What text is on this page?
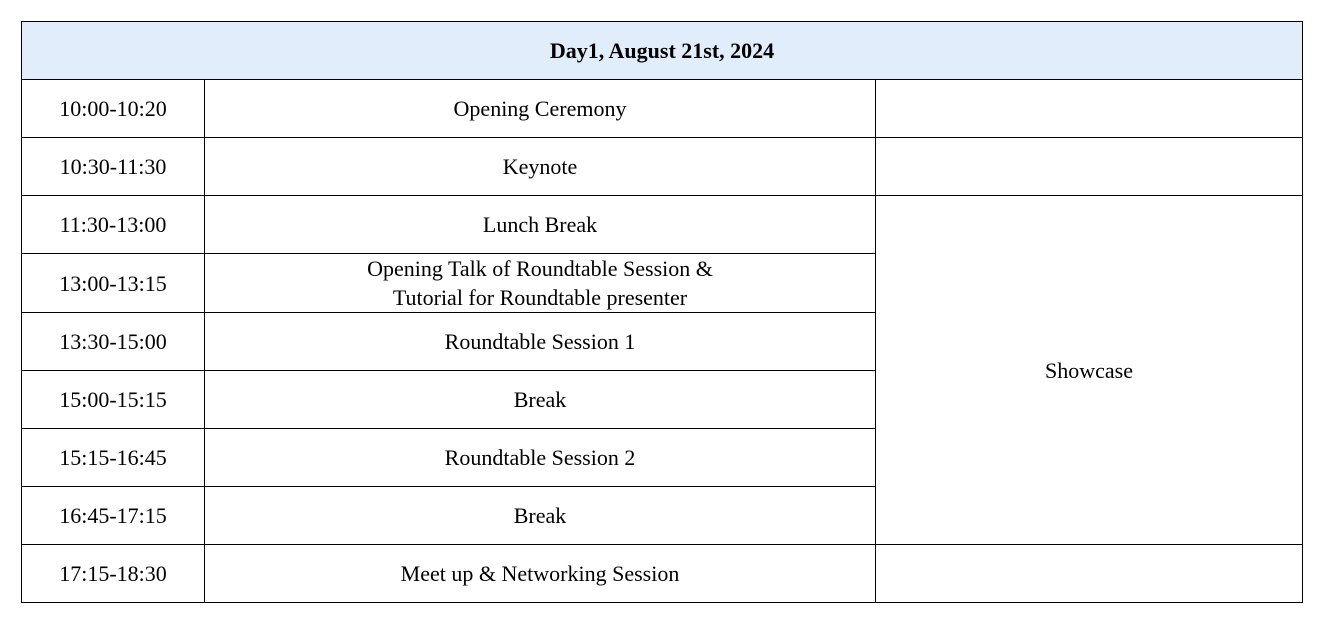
Day1, August 21st, 2024		
10:00-10:20	Opening Ceremony	
10:30-11:30	Keynote	
11:30-13:00	Lunch Break	Showcase
13:00-13:15	Opening Talk of Roundtable Session &
Tutorial for Roundtable presenter	

13:30-15:00	Roundtable Session 1	
15:00-15:15	Break	
15:15-16:45	Roundtable Session 2	
16:45-17:15	Break	
17:15-18:30	Meet up & Networking Session	
